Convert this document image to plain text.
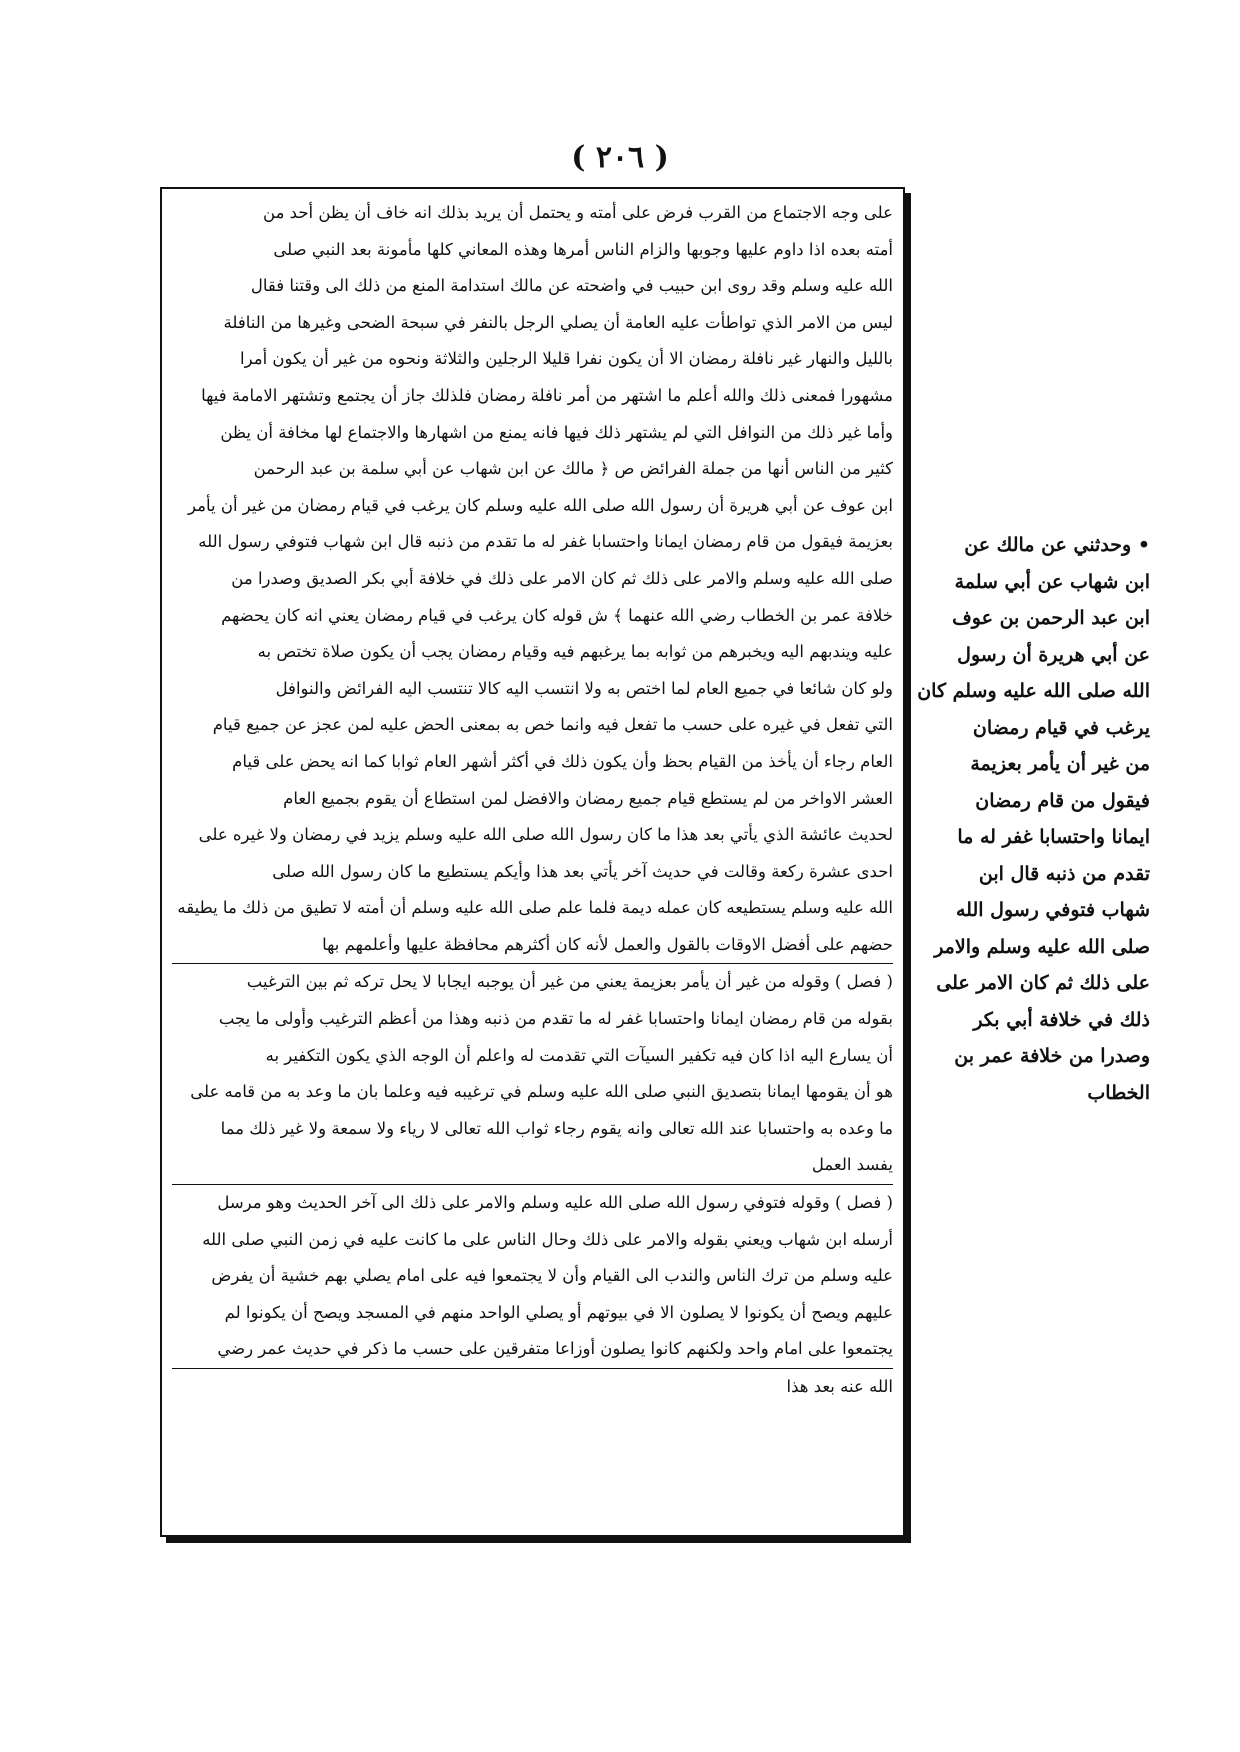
( ٢٠٦ )
على وجه الاجتماع من القرب فرض على أمته و يحتمل أن يريد بذلك انه خاف أن يظن أحد من
أمته بعده اذا داوم عليها وجوبها والزام الناس أمرها وهذه المعاني كلها مأمونة بعد النبي صلى
الله عليه وسلم وقد روى ابن حبيب في واضحته عن مالك استدامة المنع من ذلك الى وقتنا فقال
ليس من الامر الذي تواطأت عليه العامة أن يصلي الرجل بالنفر في سبحة الضحى وغيرها من النافلة
بالليل والنهار غير نافلة رمضان الا أن يكون نفرا قليلا الرجلين والثلاثة ونحوه من غير أن يكون أمرا
مشهورا فمعنى ذلك والله أعلم ما اشتهر من أمر نافلة رمضان فلذلك جاز أن يجتمع وتشتهر الامامة فيها
وأما غير ذلك من النوافل التي لم يشتهر ذلك فيها فانه يمنع من اشهارها والاجتماع لها مخافة أن يظن
كثير من الناس أنها من جملة الفرائض ص ﴿ مالك عن ابن شهاب عن أبي سلمة بن عبد الرحمن
ابن عوف عن أبي هريرة أن رسول الله صلى الله عليه وسلم كان يرغب في قيام رمضان من غير أن يأمر
بعزيمة فيقول من قام رمضان ايمانا واحتسابا غفر له ما تقدم من ذنبه قال ابن شهاب فتوفي رسول الله
صلى الله عليه وسلم والامر على ذلك ثم كان الامر على ذلك في خلافة أبي بكر الصديق وصدرا من
خلافة عمر بن الخطاب رضي الله عنهما ﴾ ش قوله كان يرغب في قيام رمضان يعني انه كان يحضهم
عليه ويندبهم اليه ويخبرهم من ثوابه بما يرغبهم فيه وقيام رمضان يجب أن يكون صلاة تختص به
ولو كان شائعا في جميع العام لما اختص به ولا انتسب اليه كالا تنتسب اليه الفرائض والنوافل
التي تفعل في غيره على حسب ما تفعل فيه وانما خص به بمعنى الحض عليه لمن عجز عن جميع قيام
العام رجاء أن يأخذ من القيام بحظ وأن يكون ذلك في أكثر أشهر العام ثوابا كما انه يحض على قيام
العشر الاواخر من لم يستطع قيام جميع رمضان والافضل لمن استطاع أن يقوم بجميع العام
لحديث عائشة الذي يأتي بعد هذا ما كان رسول الله صلى الله عليه وسلم يزيد في رمضان ولا غيره على
احدى عشرة ركعة وقالت في حديث آخر يأتي بعد هذا وأيكم يستطيع ما كان رسول الله صلى
الله عليه وسلم يستطيعه كان عمله ديمة فلما علم صلى الله عليه وسلم أن أمته لا تطيق من ذلك ما يطيقه
حضهم على أفضل الاوقات بالقول والعمل لأنه كان أكثرهم محافظة عليها وأعلمهم بها
( فصل ) وقوله من غير أن يأمر بعزيمة يعني من غير أن يوجبه ايجابا لا يحل تركه ثم بين الترغيب
بقوله من قام رمضان ايمانا واحتسابا غفر له ما تقدم من ذنبه وهذا من أعظم الترغيب وأولى ما يجب
أن يسارع اليه اذا كان فيه تكفير السيآت التي تقدمت له واعلم أن الوجه الذي يكون التكفير به
هو أن يقومها ايمانا بتصديق النبي صلى الله عليه وسلم في ترغيبه فيه وعلما بان ما وعد به من قامه على
ما وعده به واحتسابا عند الله تعالى وانه يقوم رجاء ثواب الله تعالى لا رياء ولا سمعة ولا غير ذلك مما
يفسد العمل
( فصل ) وقوله فتوفي رسول الله صلى الله عليه وسلم والامر على ذلك الى آخر الحديث وهو مرسل
أرسله ابن شهاب ويعني بقوله والامر على ذلك وحال الناس على ما كانت عليه في زمن النبي صلى الله
عليه وسلم من ترك الناس والندب الى القيام وأن لا يجتمعوا فيه على امام يصلي بهم خشية أن يفرض
عليهم ويصح أن يكونوا لا يصلون الا في بيوتهم أو يصلي الواحد منهم في المسجد ويصح أن يكونوا لم
يجتمعوا على امام واحد ولكنهم كانوا يصلون أوزاعا متفرقين على حسب ما ذكر في حديث عمر رضي
الله عنه بعد هذا
• وحدثني عن مالك عن
ابن شهاب عن أبي سلمة
ابن عبد الرحمن بن عوف
عن أبي هريرة أن رسول
الله صلى الله عليه وسلم كان
يرغب في قيام رمضان
من غير أن يأمر بعزيمة
فيقول من قام رمضان
ايمانا واحتسابا غفر له ما
تقدم من ذنبه قال ابن
شهاب فتوفي رسول الله
صلى الله عليه وسلم والامر
على ذلك ثم كان الامر على
ذلك في خلافة أبي بكر
وصدرا من خلافة عمر بن
الخطاب
